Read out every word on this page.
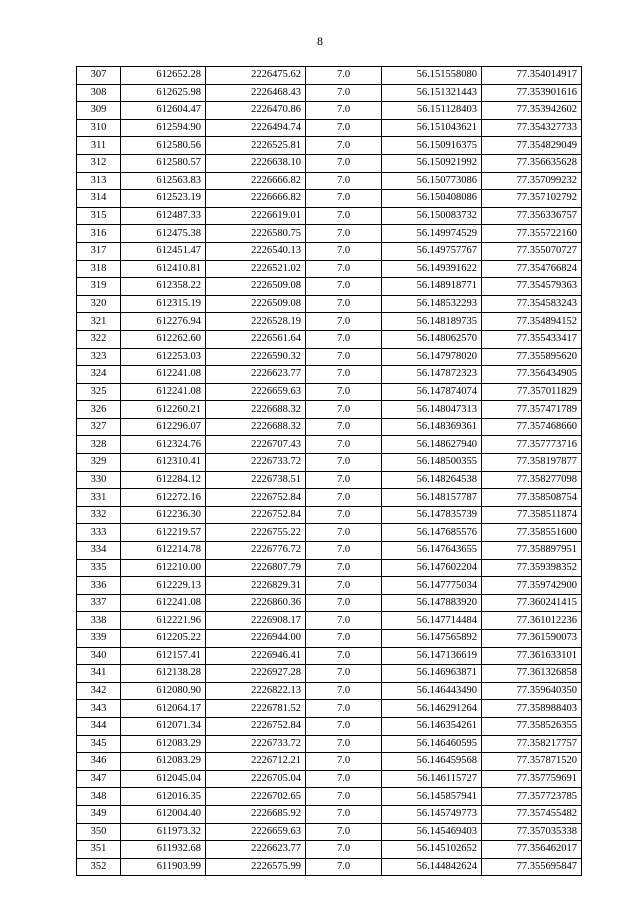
8
307	612652.28	2226475.62	7.0	56.151558080	77.354014917
308	612625.98	2226468.43	7.0	56.151321443	77.353901616
309	612604.47	2226470.86	7.0	56.151128403	77.353942602
310	612594.90	2226494.74	7.0	56.151043621	77.354327733
311	612580.56	2226525.81	7.0	56.150916375	77.354829049
312	612580.57	2226638.10	7.0	56.150921992	77.356635628
313	612563.83	2226666.82	7.0	56.150773086	77.357099232
314	612523.19	2226666.82	7.0	56.150408086	77.357102792
315	612487.33	2226619.01	7.0	56.150083732	77.356336757
316	612475.38	2226580.75	7.0	56.149974529	77.355722160
317	612451.47	2226540.13	7.0	56.149757767	77.355070727
318	612410.81	2226521.02	7.0	56.149391622	77.354766824
319	612358.22	2226509.08	7.0	56.148918771	77.354579363
320	612315.19	2226509.08	7.0	56.148532293	77.354583243
321	612276.94	2226528.19	7.0	56.148189735	77.354894152
322	612262.60	2226561.64	7.0	56.148062570	77.355433417
323	612253.03	2226590.32	7.0	56.147978020	77.355895620
324	612241.08	2226623.77	7.0	56.147872323	77.356434905
325	612241.08	2226659.63	7.0	56.147874074	77.357011829
326	612260.21	2226688.32	7.0	56.148047313	77.357471789
327	612296.07	2226688.32	7.0	56.148369361	77.357468660
328	612324.76	2226707.43	7.0	56.148627940	77.357773716
329	612310.41	2226733.72	7.0	56.148500355	77.358197877
330	612284.12	2226738.51	7.0	56.148264538	77.358277098
331	612272.16	2226752.84	7.0	56.148157787	77.358508754
332	612236.30	2226752.84	7.0	56.147835739	77.358511874
333	612219.57	2226755.22	7.0	56.147685576	77.358551600
334	612214.78	2226776.72	7.0	56.147643655	77.358897951
335	612210.00	2226807.79	7.0	56.147602204	77.359398352
336	612229.13	2226829.31	7.0	56.147775034	77.359742900
337	612241.08	2226860.36	7.0	56.147883920	77.360241415
338	612221.96	2226908.17	7.0	56.147714484	77.361012236
339	612205.22	2226944.00	7.0	56.147565892	77.361590073
340	612157.41	2226946.41	7.0	56.147136619	77.361633101
341	612138.28	2226927.28	7.0	56.146963871	77.361326858
342	612080.90	2226822.13	7.0	56.146443490	77.359640350
343	612064.17	2226781.52	7.0	56.146291264	77.358988403
344	612071.34	2226752.84	7.0	56.146354261	77.358526355
345	612083.29	2226733.72	7.0	56.146460595	77.358217757
346	612083.29	2226712.21	7.0	56.146459568	77.357871520
347	612045.04	2226705.04	7.0	56.146115727	77.357759691
348	612016.35	2226702.65	7.0	56.145857941	77.357723785
349	612004.40	2226685.92	7.0	56.145749773	77.357455482
350	611973.32	2226659.63	7.0	56.145469403	77.357035338
351	611932.68	2226623.77	7.0	56.145102652	77.356462017
352	611903.99	2226575.99	7.0	56.144842624	77.355695847
